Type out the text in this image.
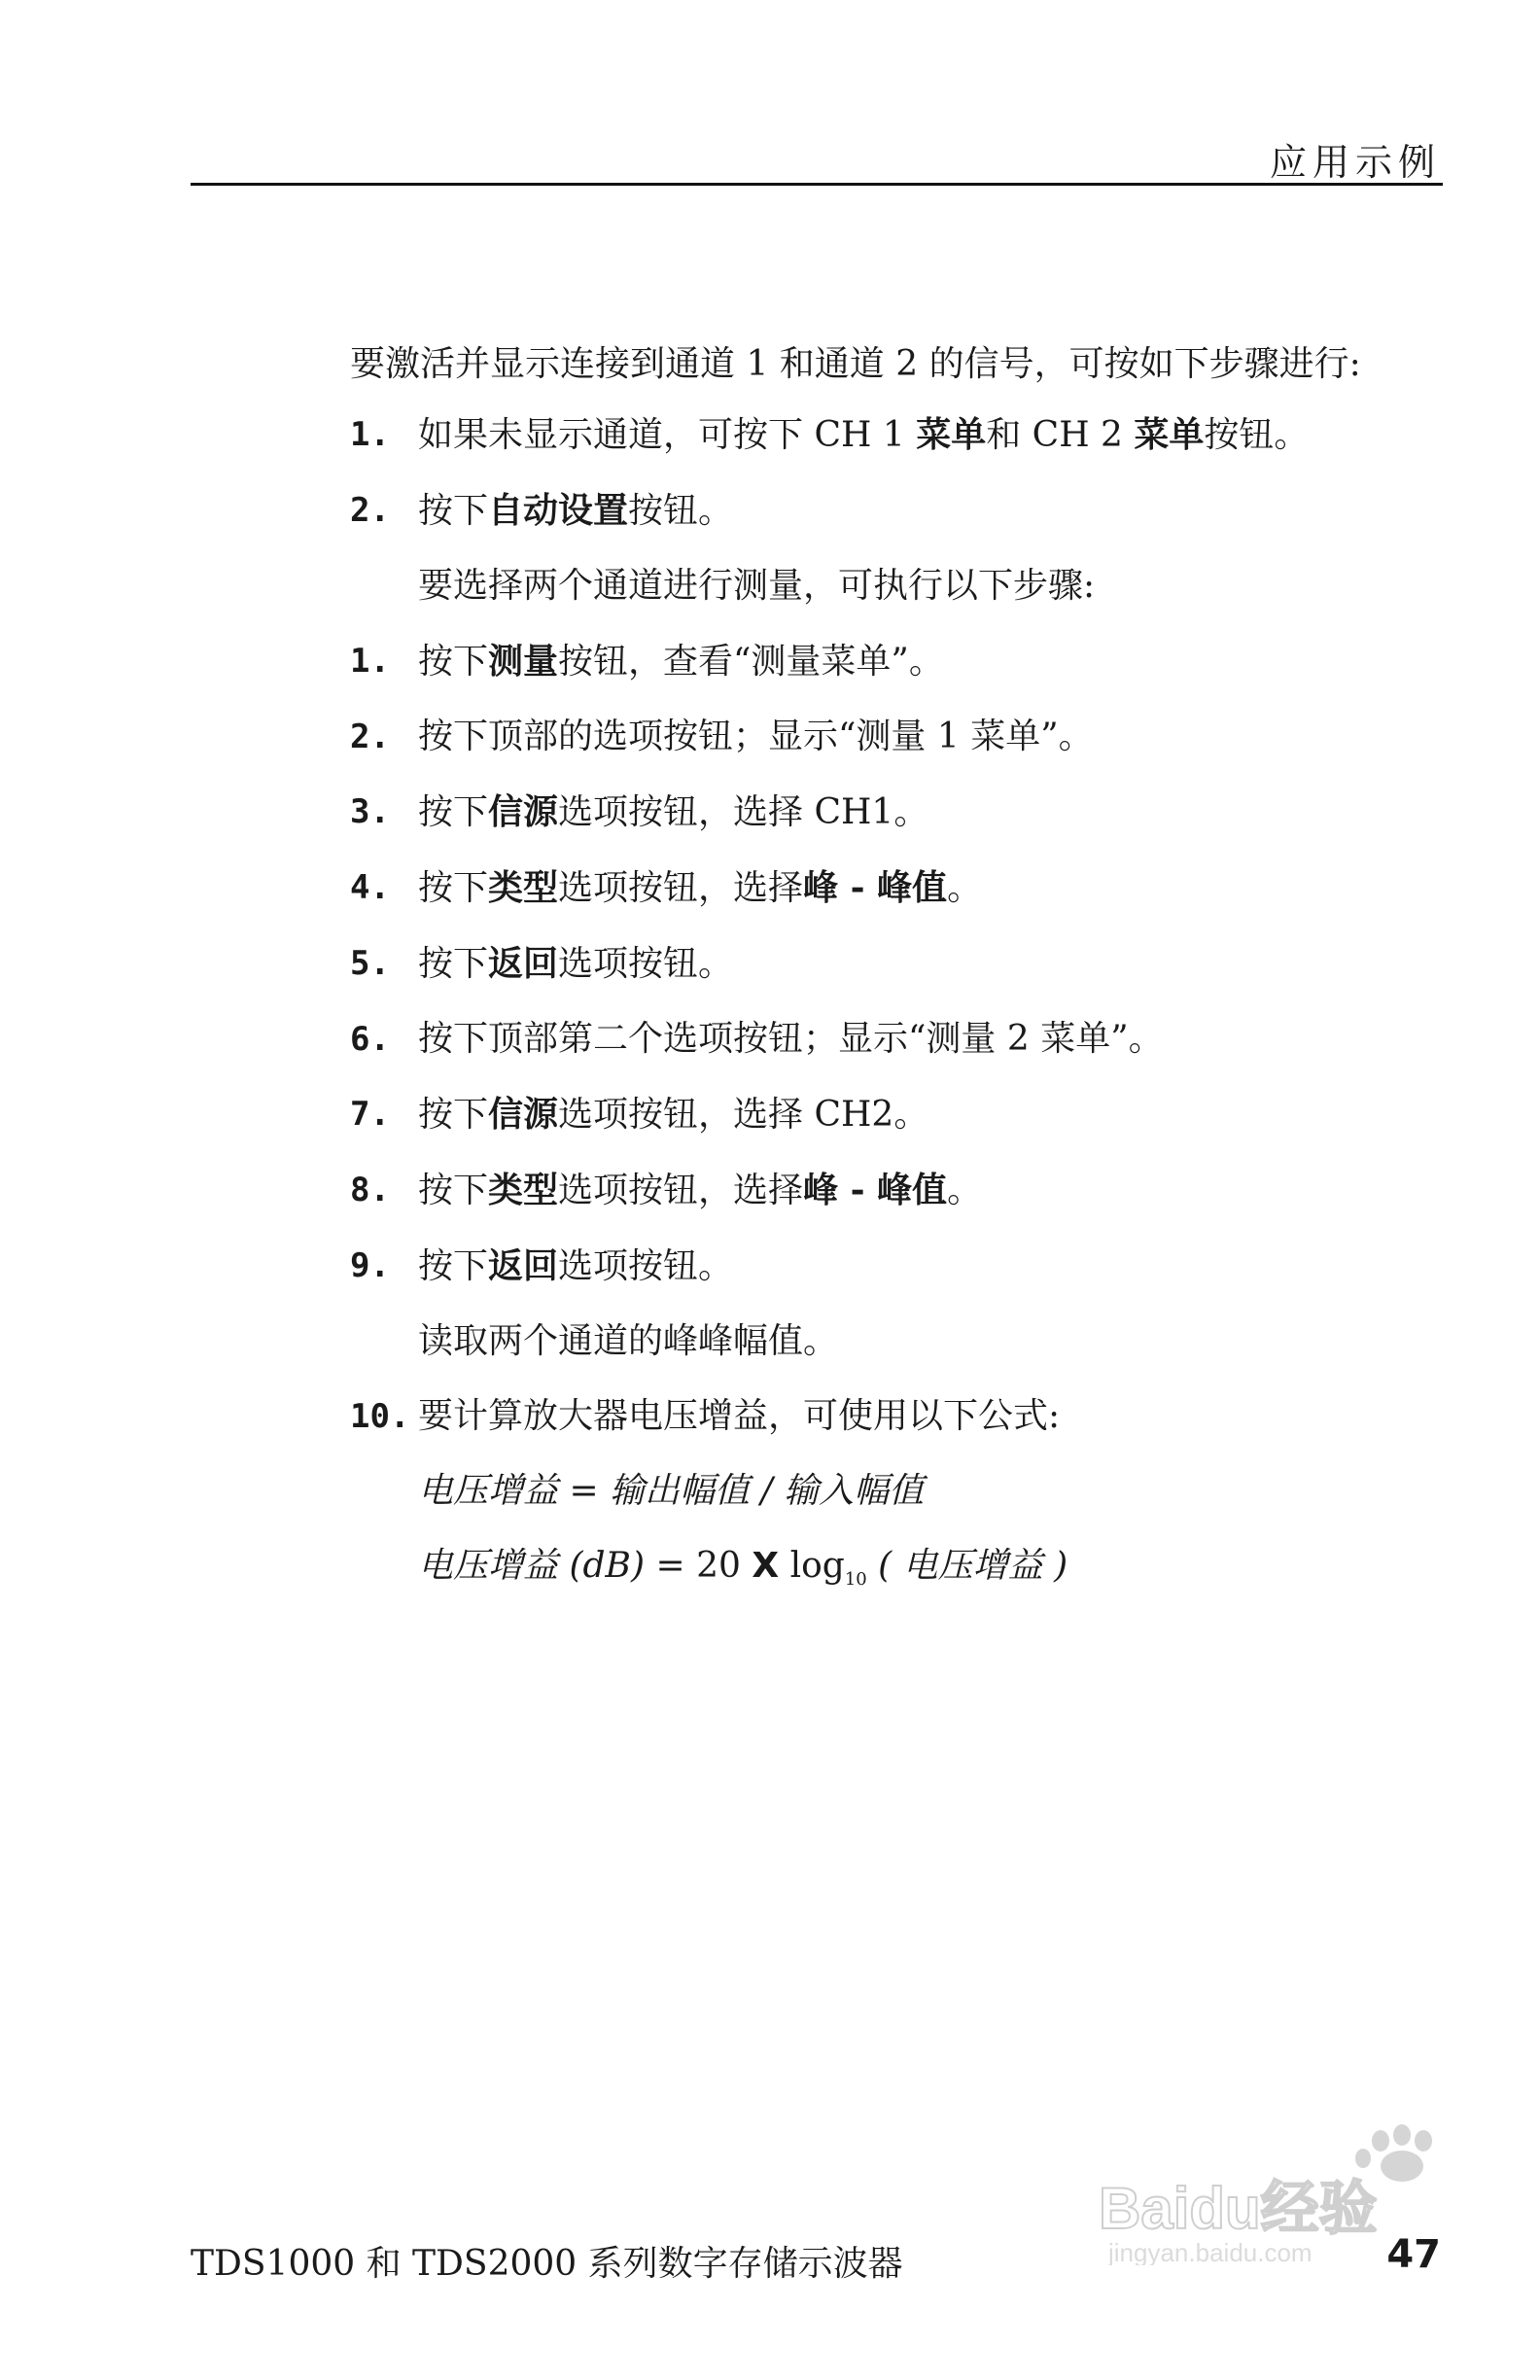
应用示例

要激活并显示连接到通道 1 和通道 2 的信号，可按如下步骤进行:

1. 如果未显示通道，可按下 CH 1 菜单和 CH 2 菜单按钮。
2. 按下自动设置按钮。

要选择两个通道进行测量，可执行以下步骤:

1. 按下测量按钮，查看“测量菜单”。
2. 按下顶部的选项按钮；显示“测量 1 菜单”。
3. 按下信源选项按钮，选择 CH1。
4. 按下类型选项按钮，选择峰 - 峰值。
5. 按下返回选项按钮。
6. 按下顶部第二个选项按钮；显示“测量 2 菜单”。
7. 按下信源选项按钮，选择 CH2。
8. 按下类型选项按钮，选择峰 - 峰值。
9. 按下返回选项按钮。

读取两个通道的峰峰幅值。

10. 要计算放大器电压增益，可使用以下公式:

电压增益 = 输出幅值 / 输入幅值

电压增益 (dB) = 20 X $\log_{10}$ ( 电压增益 )

TDS1000 和 TDS2000 系列数字存储示波器	47
Baidu经验
jingyan.baidu.com
